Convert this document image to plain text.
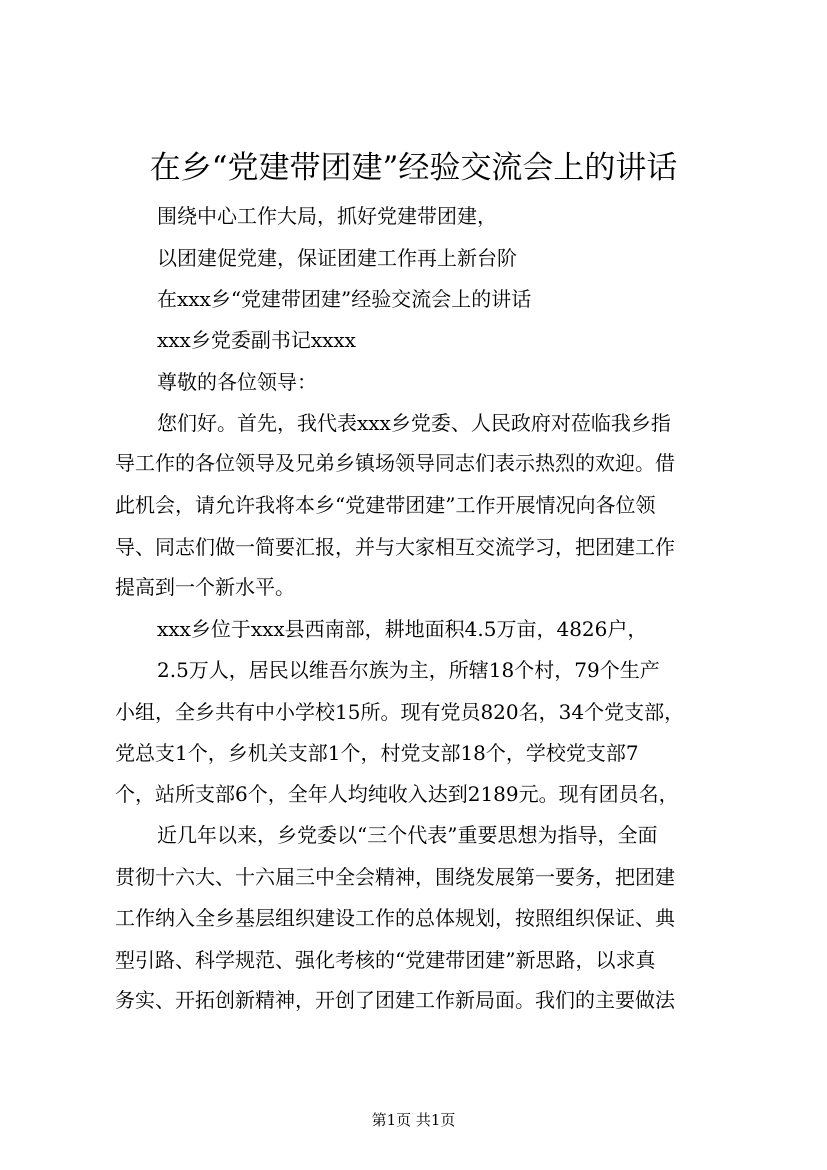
在乡“党建带团建”经验交流会上的讲话

围绕中心工作大局，抓好党建带团建，

以团建促党建，保证团建工作再上新台阶

在xxx乡“党建带团建”经验交流会上的讲话

xxx乡党委副书记xxxx

尊敬的各位领导：

您们好。首先，我代表xxx乡党委、人民政府对莅临我乡指

导工作的各位领导及兄弟乡镇场领导同志们表示热烈的欢迎。借

此机会，请允许我将本乡“党建带团建”工作开展情况向各位领

导、同志们做一简要汇报，并与大家相互交流学习，把团建工作

提高到一个新水平。

xxx乡位于xxx县西南部，耕地面积4.5万亩，4826户，

2.5万人，居民以维吾尔族为主，所辖18个村，79个生产

小组，全乡共有中小学校15所。现有党员820名，34个党支部，

党总支1个，乡机关支部1个，村党支部18个，学校党支部7

个，站所支部6个，全年人均纯收入达到2189元。现有团员名，

近几年以来，乡党委以“三个代表”重要思想为指导，全面

贯彻十六大、十六届三中全会精神，围绕发展第一要务，把团建

工作纳入全乡基层组织建设工作的总体规划，按照组织保证、典

型引路、科学规范、强化考核的“党建带团建”新思路，以求真

务实、开拓创新精神，开创了团建工作新局面。我们的主要做法

第1页 共1页
